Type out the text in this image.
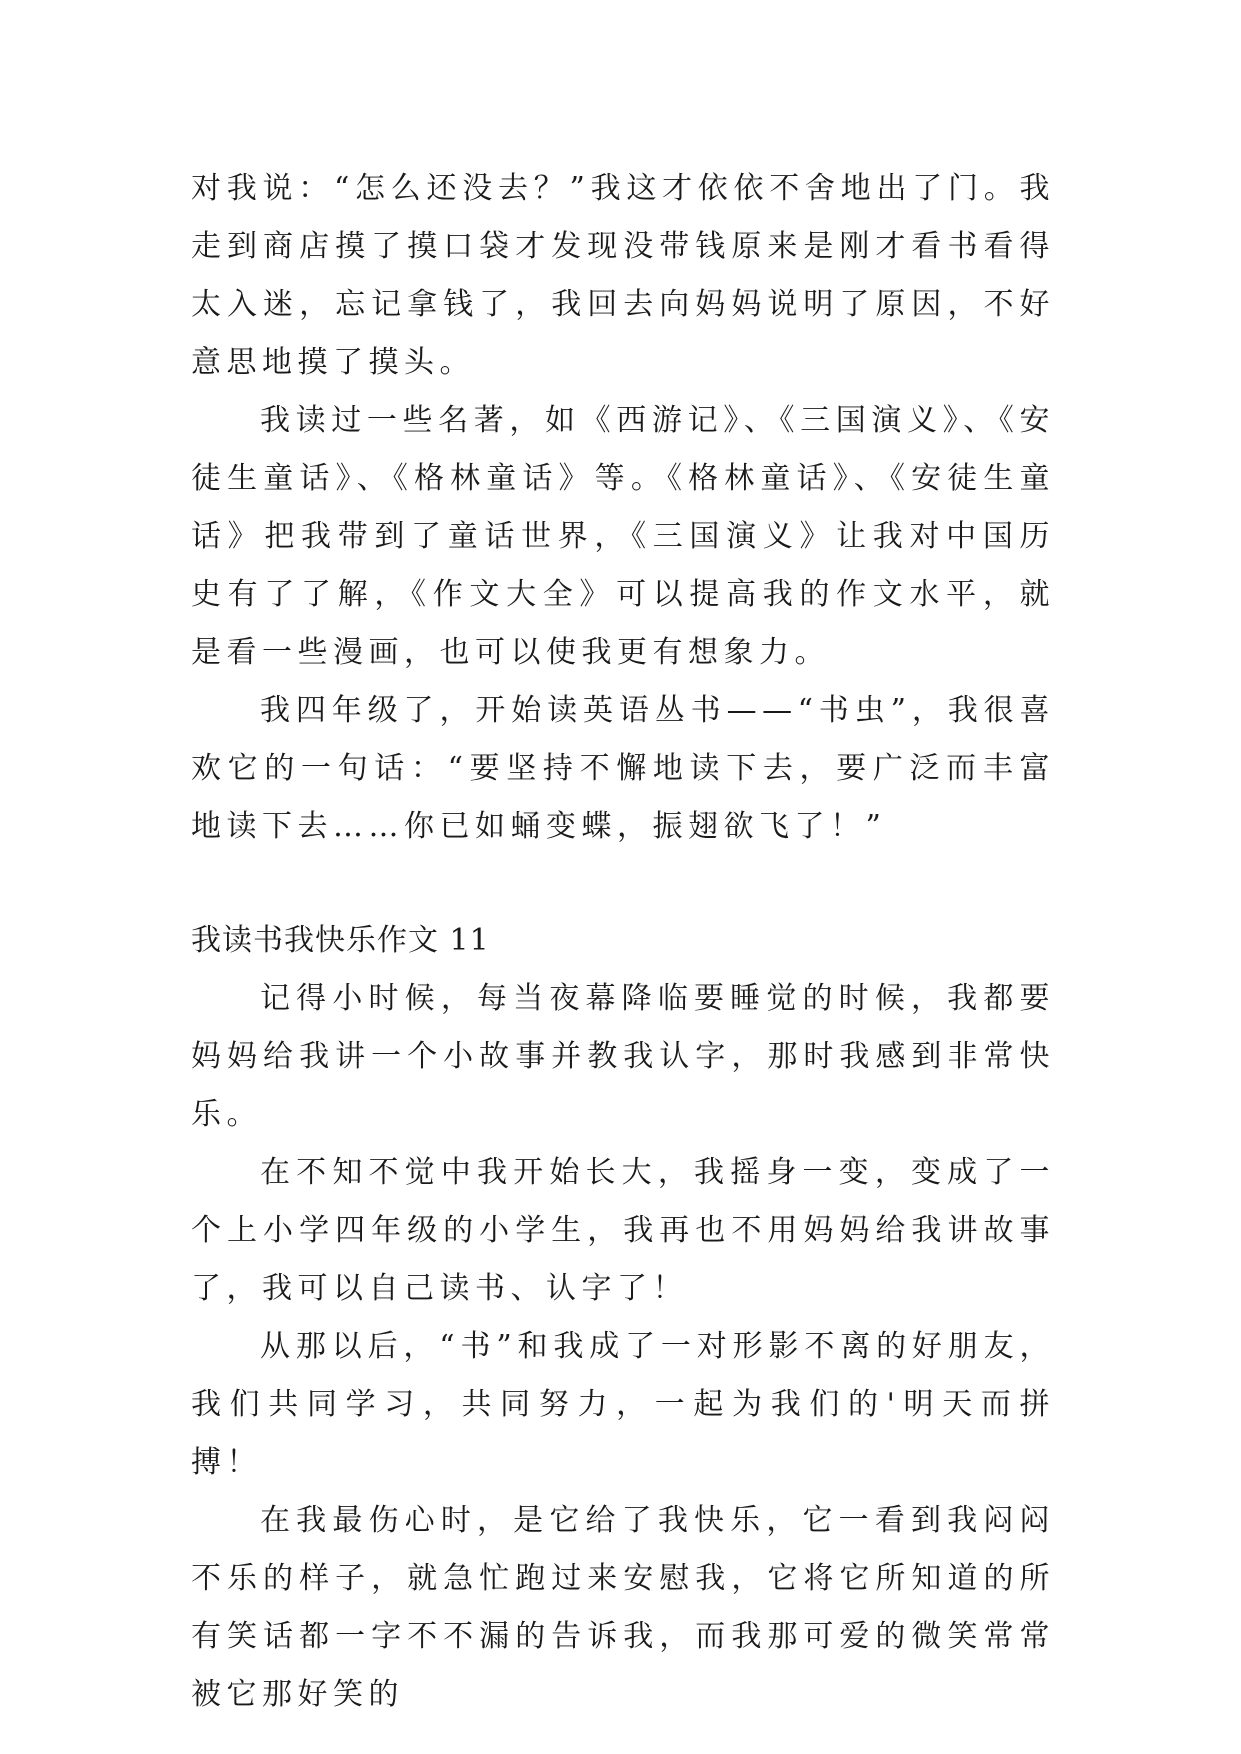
对我说：“怎么还没去？”我这才依依不舍地出了门。我走到商店摸了摸口袋才发现没带钱原来是刚才看书看得太入迷，忘记拿钱了，我回去向妈妈说明了原因，不好意思地摸了摸头。

我读过一些名著，如《西游记》、《三国演义》、《安徒生童话》、《格林童话》等。《格林童话》、《安徒生童话》把我带到了童话世界，《三国演义》让我对中国历史有了了解，《作文大全》可以提高我的作文水平，就是看一些漫画，也可以使我更有想象力。

我四年级了，开始读英语丛书——“书虫”，我很喜欢它的一句话：“要坚持不懈地读下去，要广泛而丰富地读下去……你已如蛹变蝶，振翅欲飞了！”

我读书我快乐作文 11

记得小时候，每当夜幕降临要睡觉的时候，我都要妈妈给我讲一个小故事并教我认字，那时我感到非常快乐。

在不知不觉中我开始长大，我摇身一变，变成了一个上小学四年级的小学生，我再也不用妈妈给我讲故事了，我可以自己读书、认字了！

从那以后，“书”和我成了一对形影不离的好朋友，我们共同学习，共同努力，一起为我们的'明天而拼搏！

在我最伤心时，是它给了我快乐，它一看到我闷闷不乐的样子，就急忙跑过来安慰我，它将它所知道的所有笑话都一字不不漏的告诉我，而我那可爱的微笑常常被它那好笑的
